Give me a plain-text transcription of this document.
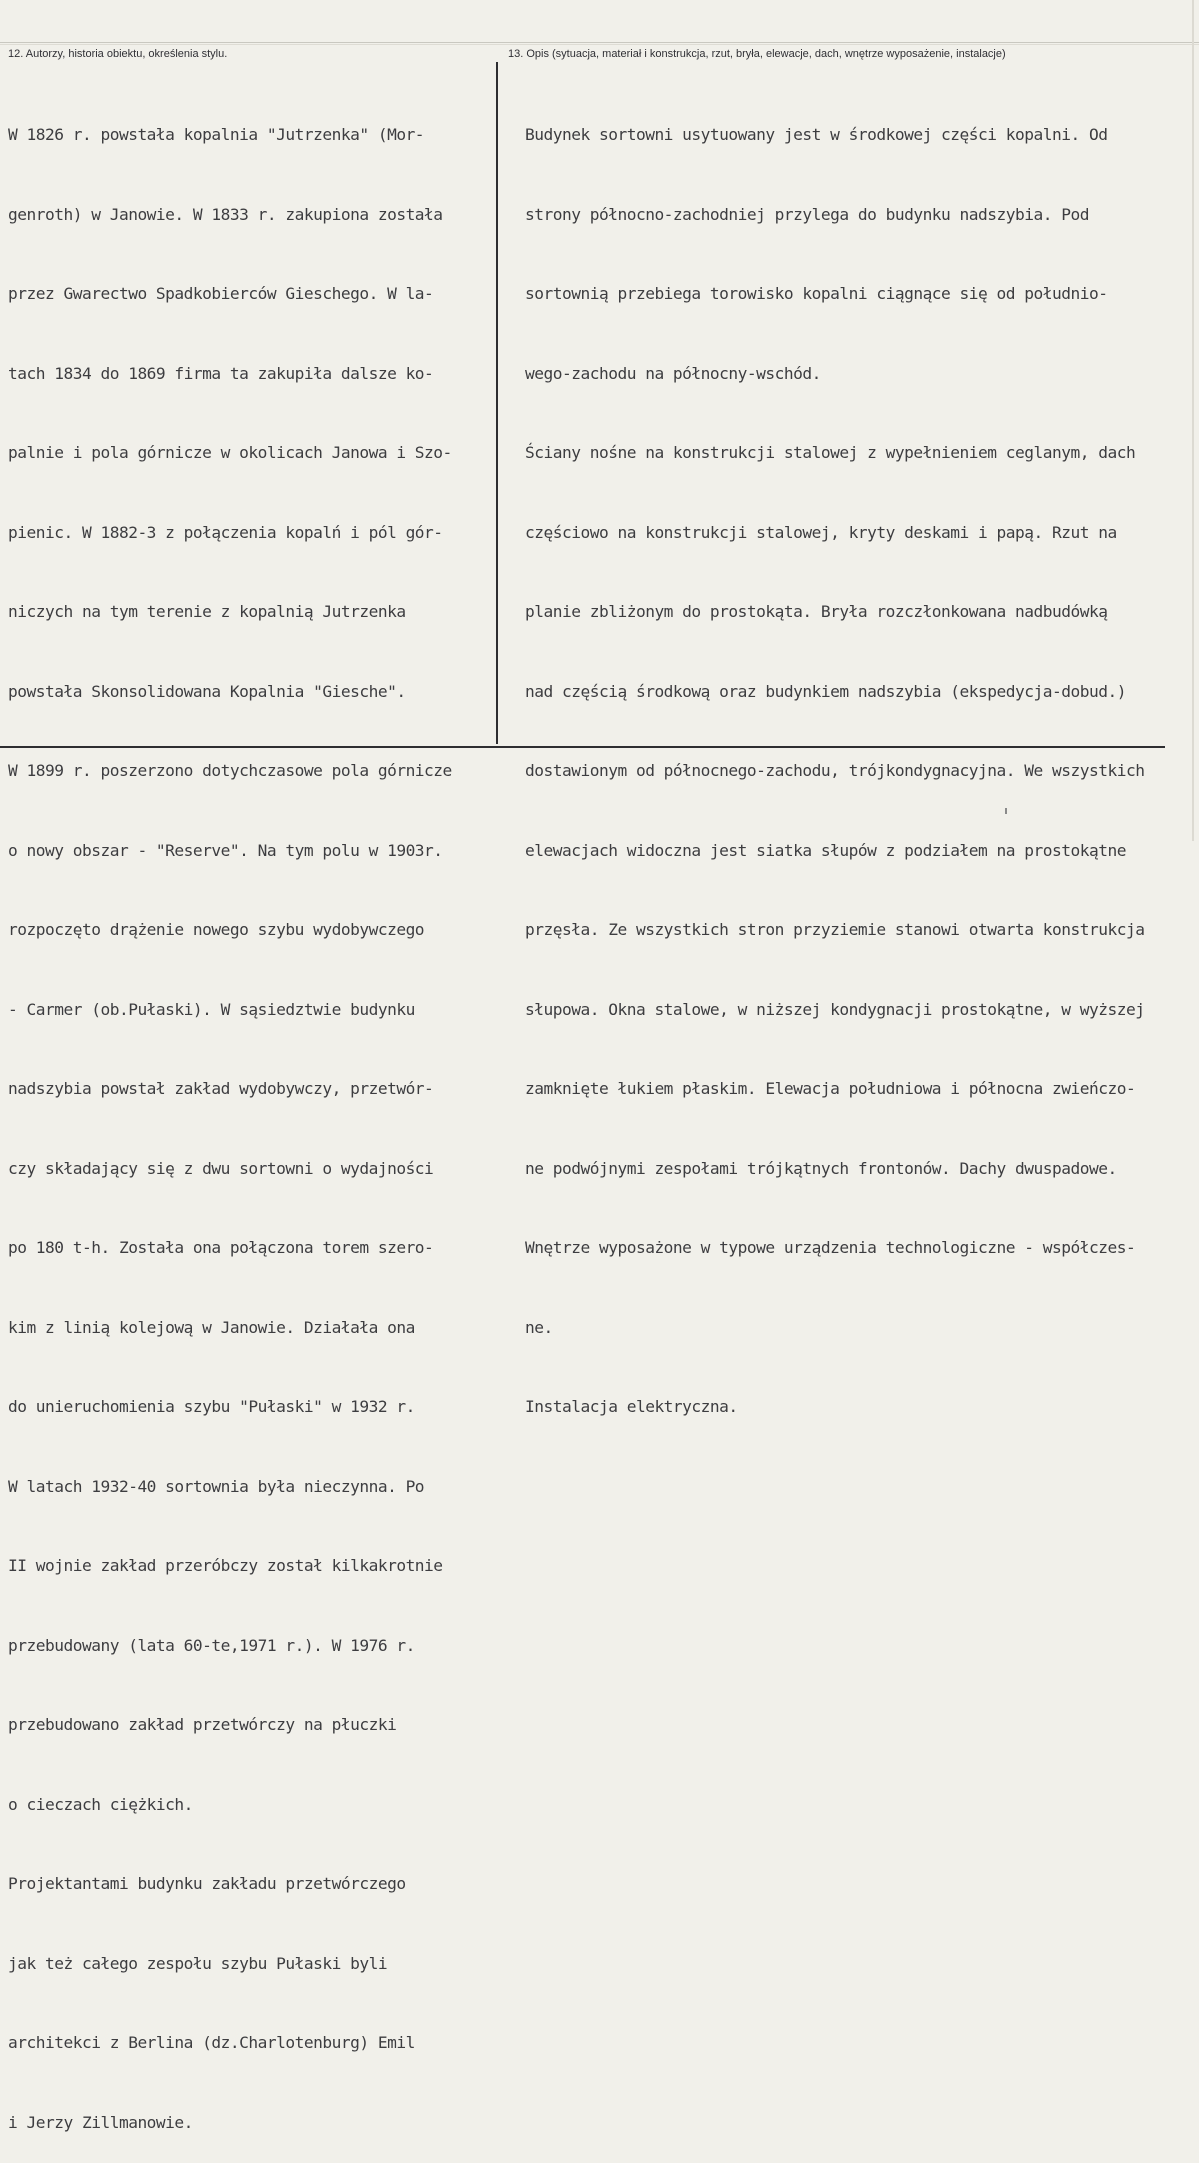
12. Autorzy, historia obiektu, określenia stylu.	13. Opis (sytuacja, materiał i konstrukcja, rzut, bryła, elewacje, dach, wnętrze wyposażenie, instalacje)

W 1826 r. powstała kopalnia "Jutrzenka" (Mor-

genroth) w Janowie. W 1833 r. zakupiona została

przez Gwarectwo Spadkobierców Gieschego. W la-

tach 1834 do 1869 firma ta zakupiła dalsze ko-

palnie i pola górnicze w okolicach Janowa i Szo-

pienic. W 1882-3 z połączenia kopalń i pól gór-

niczych na tym terenie z kopalnią Jutrzenka

powstała Skonsolidowana Kopalnia "Giesche".

W 1899 r. poszerzono dotychczasowe pola górnicze

o nowy obszar - "Reserve". Na tym polu w 1903r.

rozpoczęto drążenie nowego szybu wydobywczego

- Carmer (ob.Pułaski). W sąsiedztwie budynku

nadszybia powstał zakład wydobywczy, przetwór-

czy składający się z dwu sortowni o wydajności

po 180 t-h. Została ona połączona torem szero-

kim z linią kolejową w Janowie. Działała ona

do unieruchomienia szybu "Pułaski" w 1932 r.

W latach 1932-40 sortownia była nieczynna. Po

II wojnie zakład przeróbczy został kilkakrotnie

przebudowany (lata 60-te,1971 r.). W 1976 r.

przebudowano zakład przetwórczy na płuczki

o cieczach ciężkich.

Projektantami budynku zakładu przetwórczego

jak też całego zespołu szybu Pułaski byli

architekci z Berlina (dz.Charlotenburg) Emil

i Jerzy Zillmanowie.

Budynek sortowni usytuowany jest w środkowej części kopalni. Od

strony północno-zachodniej przylega do budynku nadszybia. Pod

sortownią przebiega torowisko kopalni ciągnące się od południo-

wego-zachodu na północny-wschód.

Ściany nośne na konstrukcji stalowej z wypełnieniem ceglanym, dach

częściowo na konstrukcji stalowej, kryty deskami i papą. Rzut na

planie zbliżonym do prostokąta. Bryła rozczłonkowana nadbudówką

nad częścią środkową oraz budynkiem nadszybia (ekspedycja-dobud.)

dostawionym od północnego-zachodu, trójkondygnacyjna. We wszystkich

elewacjach widoczna jest siatka słupów z podziałem na prostokątne

przęsła. Ze wszystkich stron przyziemie stanowi otwarta konstrukcja

słupowa. Okna stalowe, w niższej kondygnacji prostokątne, w wyższej

zamknięte łukiem płaskim. Elewacja południowa i północna zwieńczo-

ne podwójnymi zespołami trójkątnych frontonów. Dachy dwuspadowe.

Wnętrze wyposażone w typowe urządzenia technologiczne - współczes-

ne.

Instalacja elektryczna.
